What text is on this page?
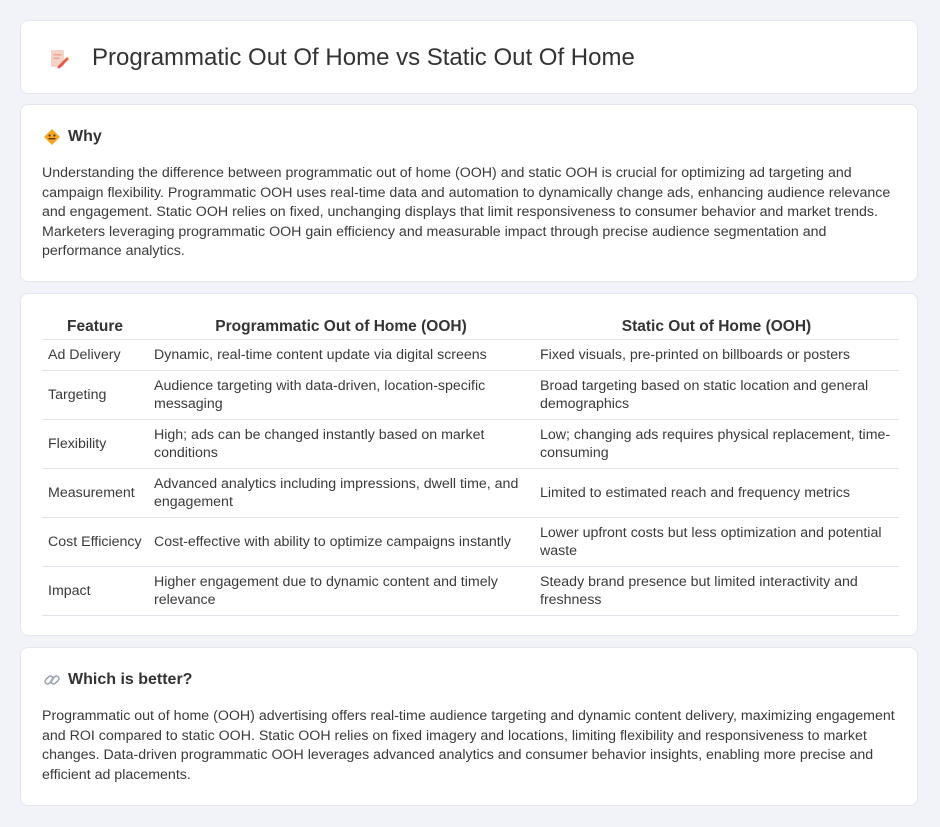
Programmatic Out Of Home vs Static Out Of Home
Why

Understanding the difference between programmatic out of home (OOH) and static OOH is crucial for optimizing ad targeting and campaign flexibility. Programmatic OOH uses real-time data and automation to dynamically change ads, enhancing audience relevance and engagement. Static OOH relies on fixed, unchanging displays that limit responsiveness to consumer behavior and market trends. Marketers leveraging programmatic OOH gain efficiency and measurable impact through precise audience segmentation and performance analytics.

Feature	Programmatic Out of Home (OOH)	Static Out of Home (OOH)
Ad Delivery	Dynamic, real-time content update via digital screens	Fixed visuals, pre-printed on billboards or posters
Targeting	Audience targeting with data-driven, location-specific messaging	Broad targeting based on static location and general demographics
Flexibility	High; ads can be changed instantly based on market conditions	Low; changing ads requires physical replacement, time-consuming
Measurement	Advanced analytics including impressions, dwell time, and engagement	Limited to estimated reach and frequency metrics
Cost Efficiency	Cost-effective with ability to optimize campaigns instantly	Lower upfront costs but less optimization and potential waste
Impact	Higher engagement due to dynamic content and timely relevance	Steady brand presence but limited interactivity and freshness
Which is better?

Programmatic out of home (OOH) advertising offers real-time audience targeting and dynamic content delivery, maximizing engagement and ROI compared to static OOH. Static OOH relies on fixed imagery and locations, limiting flexibility and responsiveness to market changes. Data-driven programmatic OOH leverages advanced analytics and consumer behavior insights, enabling more precise and efficient ad placements.
